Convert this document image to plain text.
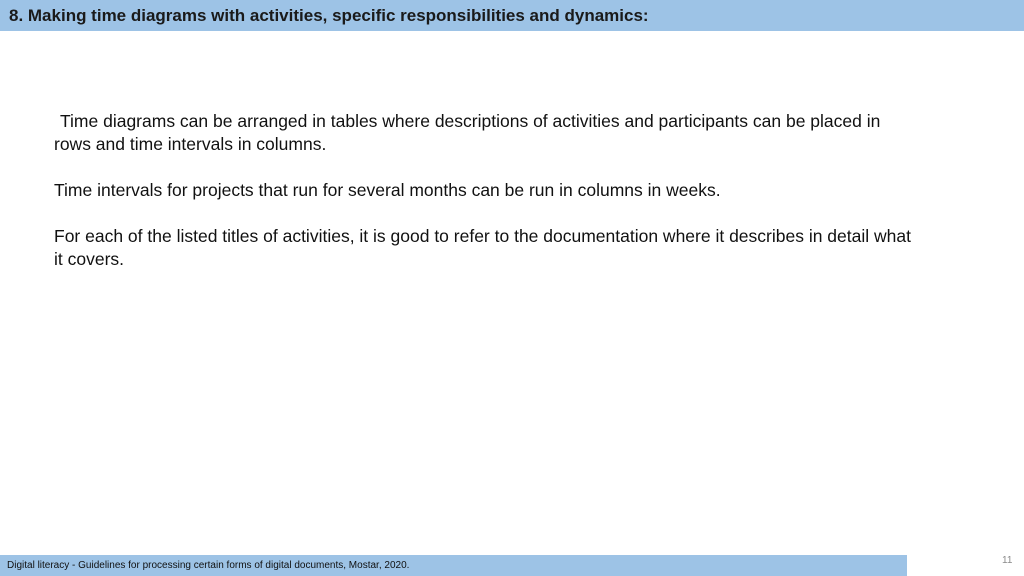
8. Making time diagrams with activities, specific responsibilities and dynamics:

Time diagrams can be arranged in tables where descriptions of activities and participants can be placed in rows and time intervals in columns.

Time intervals for projects that run for several months can be run in columns in weeks.

For each of the listed titles of activities, it is good to refer to the documentation where it describes in detail what it covers.

Digital literacy - Guidelines for processing certain forms of digital documents, Mostar, 2020.	11
